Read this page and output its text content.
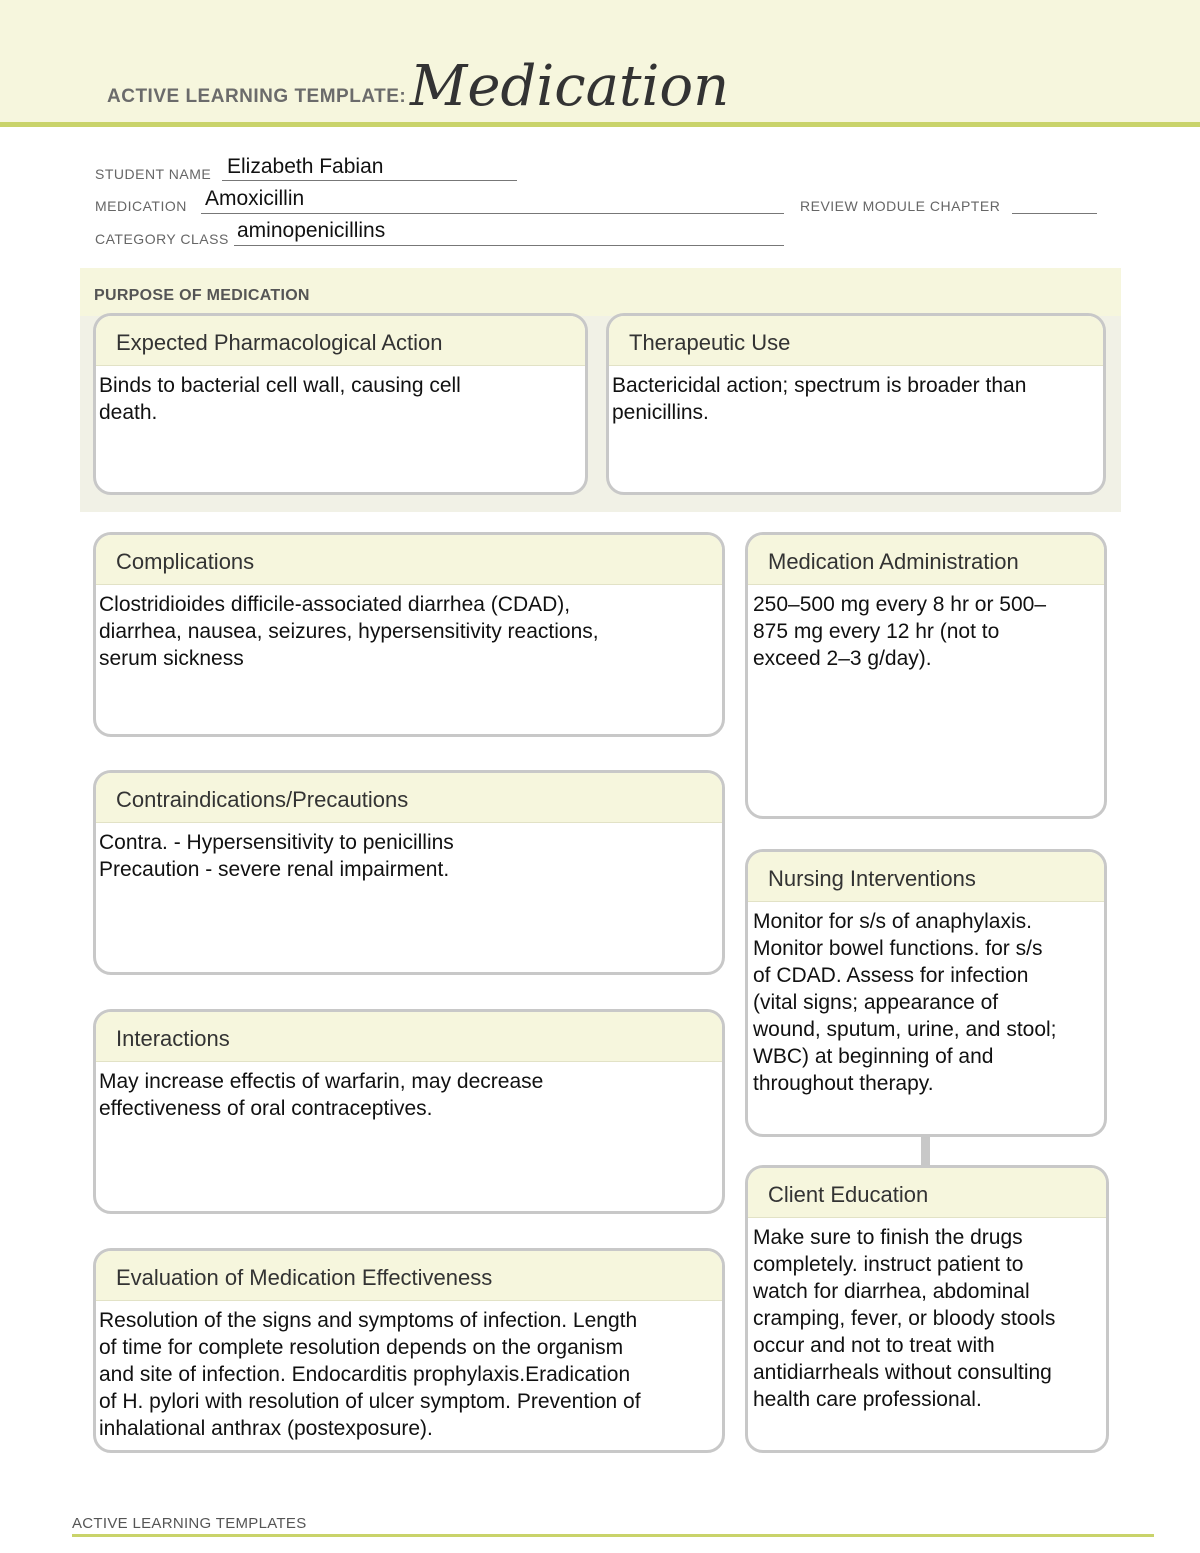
ACTIVE LEARNING TEMPLATE: Medication
STUDENT NAME Elizabeth Fabian
MEDICATION Amoxicillin	REVIEW MODULE CHAPTER
CATEGORY CLASS aminopenicillins
PURPOSE OF MEDICATION
Expected Pharmacological Action
Binds to bacterial cell wall, causing cell
death.
Therapeutic Use
Bactericidal action; spectrum is broader than
penicillins.
Complications
Clostridioides difficile-associated diarrhea (CDAD),
diarrhea, nausea, seizures, hypersensitivity reactions,
serum sickness
Contraindications/Precautions
Contra. - Hypersensitivity to penicillins
Precaution - severe renal impairment.
Interactions
May increase effectis of warfarin, may decrease
effectiveness of oral contraceptives.
Evaluation of Medication Effectiveness
Resolution of the signs and symptoms of infection. Length
of time for complete resolution depends on the organism
and site of infection. Endocarditis prophylaxis.Eradication
of H. pylori with resolution of ulcer symptom. Prevention of
inhalational anthrax (postexposure).
Medication Administration
250–500 mg every 8 hr or 500–
875 mg every 12 hr (not to
exceed 2–3 g/day).
Nursing Interventions
Monitor for s/s of anaphylaxis.
Monitor bowel functions. for s/s
of CDAD. Assess for infection
(vital signs; appearance of
wound, sputum, urine, and stool;
WBC) at beginning of and
throughout therapy.
Client Education
Make sure to finish the drugs
completely. instruct patient to
watch for diarrhea, abdominal
cramping, fever, or bloody stools
occur and not to treat with
antidiarrheals without consulting
health care professional.
ACTIVE LEARNING TEMPLATES
